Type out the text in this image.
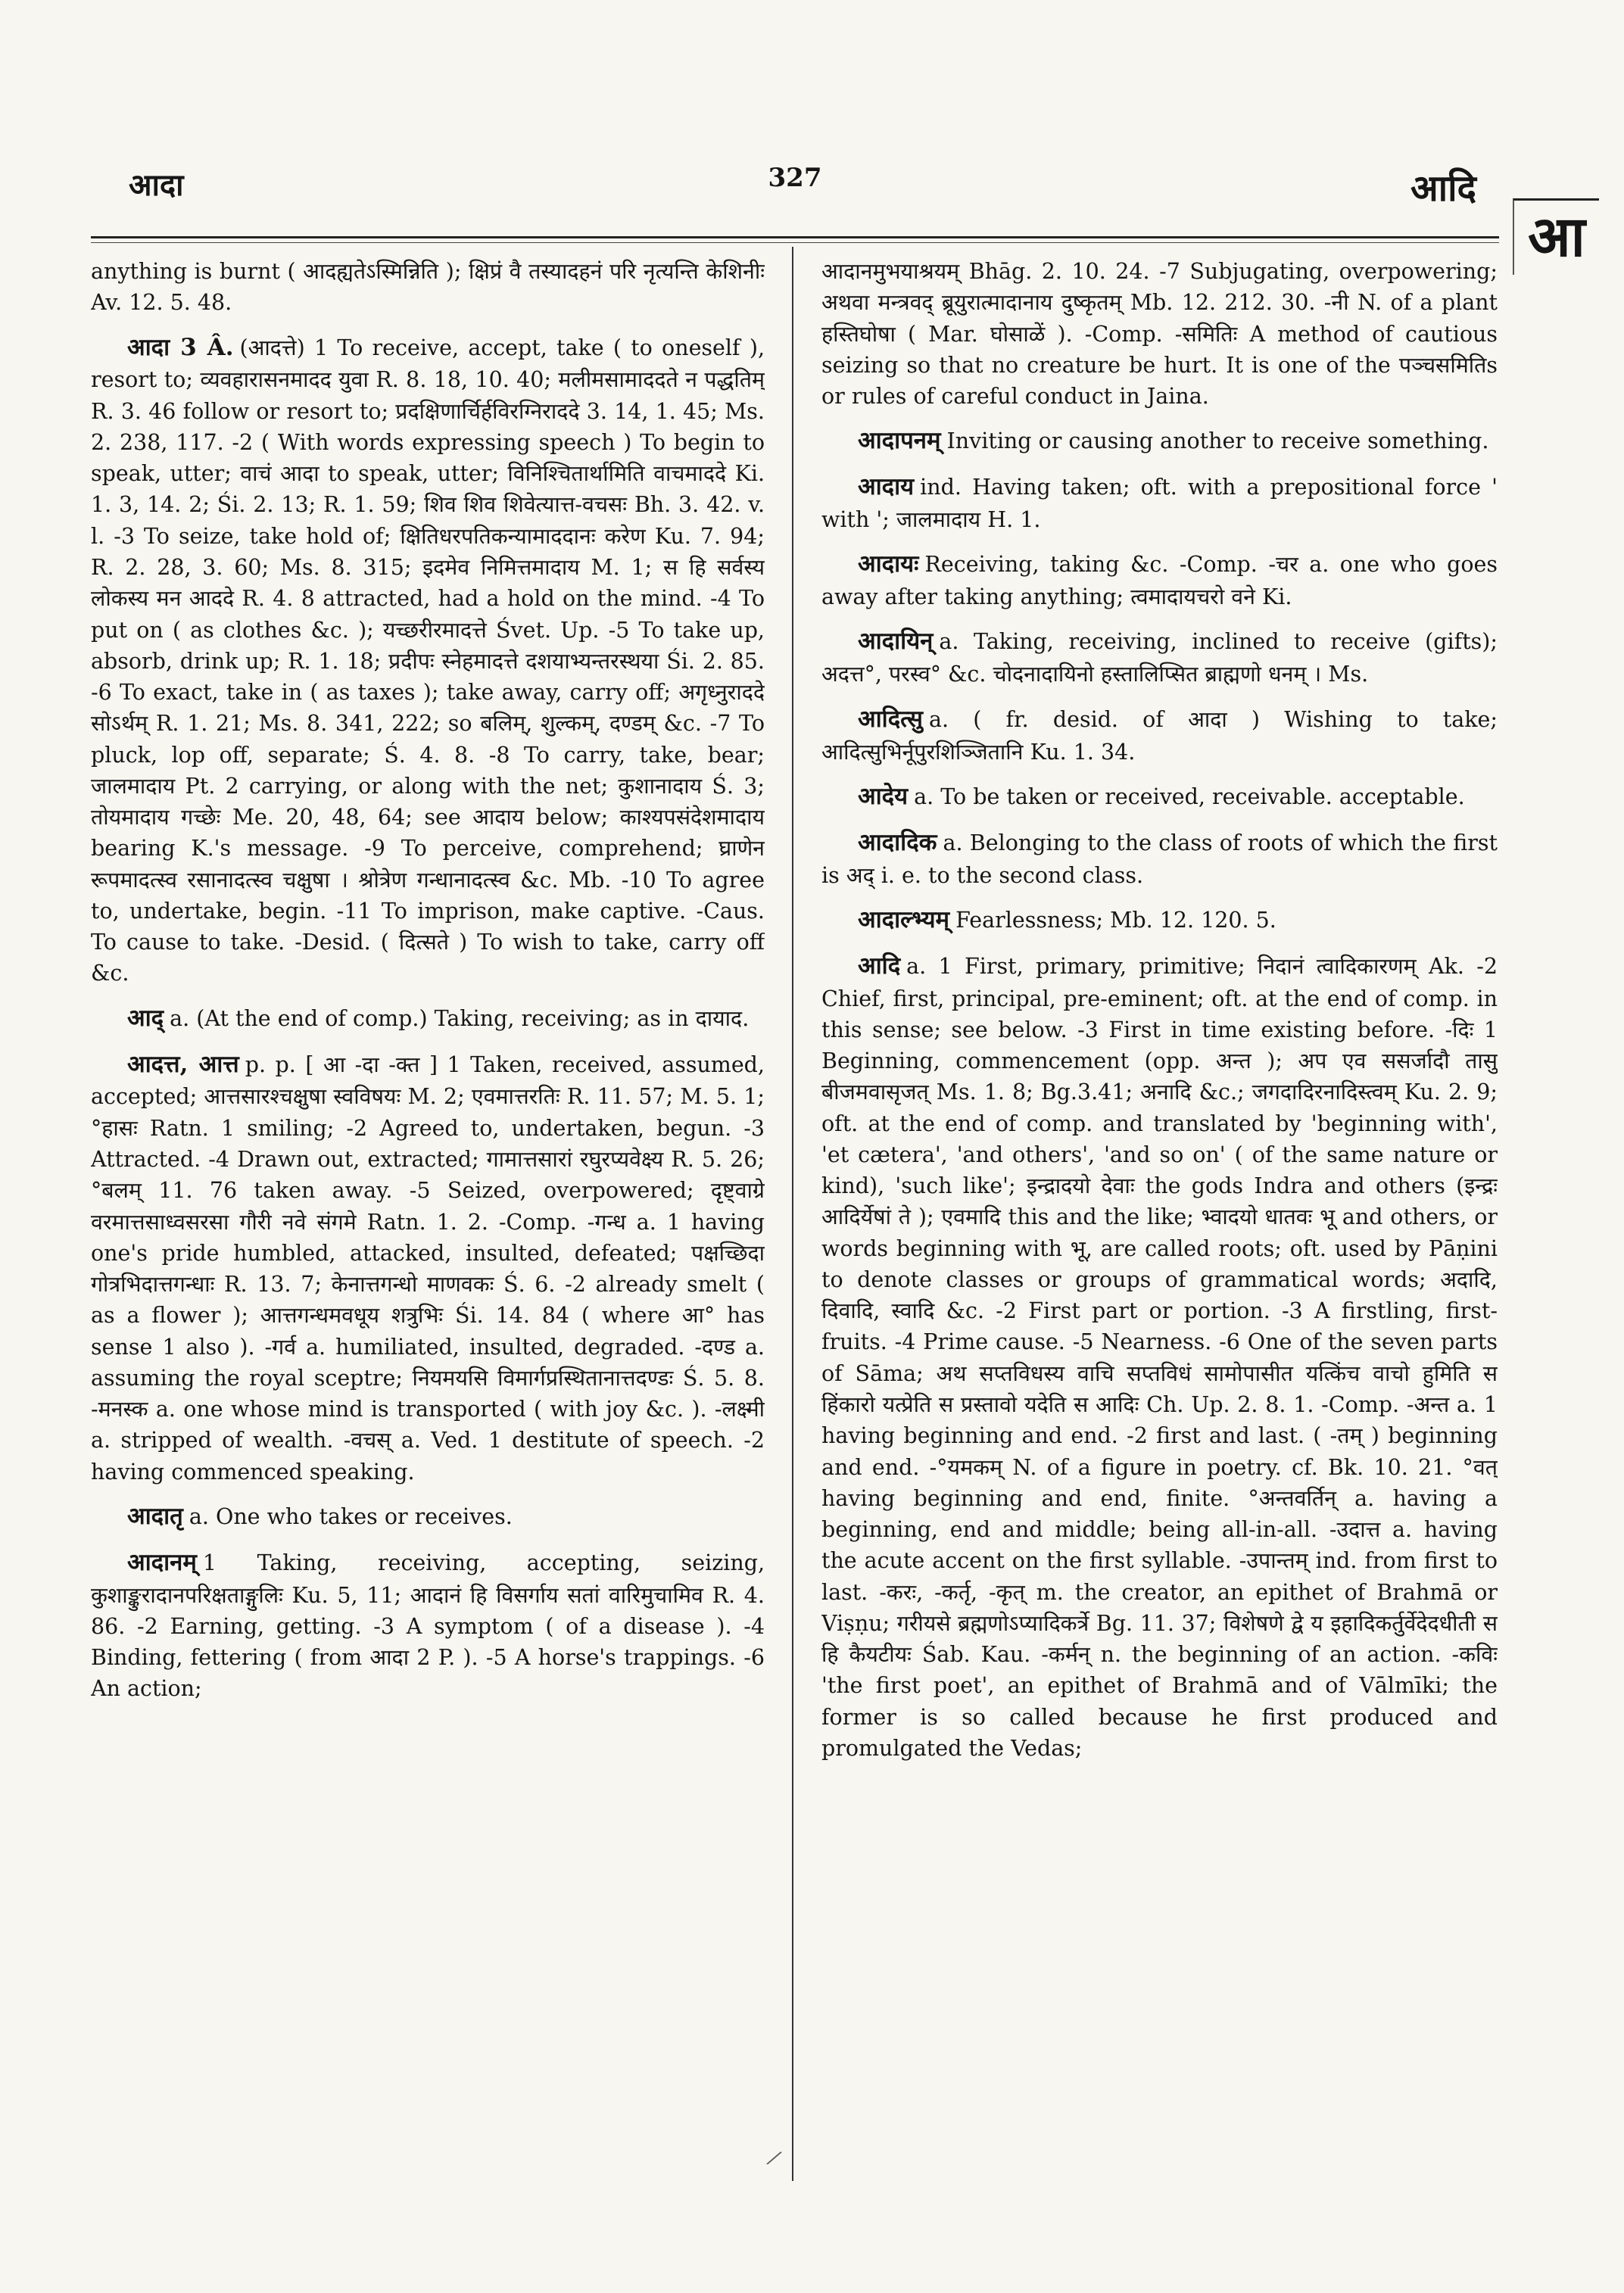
आदा	327	आदि
आ

anything is burnt ( आदह्यतेऽस्मिन्निति ); क्षिप्रं वै तस्यादहनं परि नृत्यन्ति केशिनीः Av. 12. 5. 48.

आदा 3 Â. (आदत्ते) 1 To receive, accept, take ( to oneself ), resort to; व्यवहारासनमादद युवा R. 8. 18, 10. 40; मलीमसामाददते न पद्धतिम् R. 3. 46 follow or resort to; प्रदक्षिणार्चिर्हविरग्निराददे 3. 14, 1. 45; Ms. 2. 238, 117. -2 ( With words expressing speech ) To begin to speak, utter; वाचं आदा to speak, utter; विनिश्चितार्थामिति वाचमाददे Ki. 1. 3, 14. 2; Śi. 2. 13; R. 1. 59; शिव शिव शिवेत्यात्त-वचसः Bh. 3. 42. v. l. -3 To seize, take hold of; क्षितिधरपतिकन्यामाददानः करेण Ku. 7. 94; R. 2. 28, 3. 60; Ms. 8. 315; इदमेव निमित्तमादाय M. 1; स हि सर्वस्य लोकस्य मन आददे R. 4. 8 attracted, had a hold on the mind. -4 To put on ( as clothes &c. ); यच्छरीरमादत्ते Śvet. Up. -5 To take up, absorb, drink up; R. 1. 18; प्रदीपः स्नेहमादत्ते दशयाभ्यन्तरस्थया Śi. 2. 85. -6 To exact, take in ( as taxes ); take away, carry off; अगृध्नुराददे सोऽर्थम् R. 1. 21; Ms. 8. 341, 222; so बलिम्, शुल्कम्, दण्डम् &c. -7 To pluck, lop off, separate; Ś. 4. 8. -8 To carry, take, bear; जालमादाय Pt. 2 carrying, or along with the net; कुशानादाय Ś. 3; तोयमादाय गच्छेः Me. 20, 48, 64; see आदाय below; काश्यपसंदेशमादाय bearing K.'s message. -9 To perceive, comprehend; घ्राणेन रूपमादत्स्व रसानादत्स्व चक्षुषा । श्रोत्रेण गन्धानादत्स्व &c. Mb. -10 To agree to, undertake, begin. -11 To imprison, make captive. -Caus. To cause to take. -Desid. ( दित्सते ) To wish to take, carry off &c.

आद् a. (At the end of comp.) Taking, receiving; as in दायाद.

आदत्त, आत्त p. p. [ आ -दा -क्त ] 1 Taken, received, assumed, accepted; आत्तसारश्चक्षुषा स्वविषयः M. 2; एवमात्तरतिः R. 11. 57; M. 5. 1; °हासः Ratn. 1 smiling; -2 Agreed to, undertaken, begun. -3 Attracted. -4 Drawn out, extracted; गामात्तसारां रघुरप्यवेक्ष्य R. 5. 26; °बलम् 11. 76 taken away. -5 Seized, overpowered; दृष्ट्वाग्रे वरमात्तसाध्वसरसा गौरी नवे संगमे Ratn. 1. 2. -Comp. -गन्ध a. 1 having one's pride humbled, attacked, insulted, defeated; पक्षच्छिदा गोत्रभिदात्तगन्धाः R. 13. 7; केनात्तगन्धो माणवकः Ś. 6. -2 already smelt ( as a flower ); आत्तगन्धमवधूय शत्रुभिः Śi. 14. 84 ( where आ° has sense 1 also ). -गर्व a. humiliated, insulted, degraded. -दण्ड a. assuming the royal sceptre; नियमयसि विमार्गप्रस्थितानात्तदण्डः Ś. 5. 8. -मनस्क a. one whose mind is transported ( with joy &c. ). -लक्ष्मी a. stripped of wealth. -वचस् a. Ved. 1 destitute of speech. -2 having commenced speaking.

आदातृ a. One who takes or receives.

आदानम् 1 Taking, receiving, accepting, seizing, कुशाङ्कुरादानपरिक्षताङ्गुलिः Ku. 5, 11; आदानं हि विसर्गाय सतां वारिमुचामिव R. 4. 86. -2 Earning, getting. -3 A symptom ( of a disease ). -4 Binding, fettering ( from आदा 2 P. ). -5 A horse's trappings. -6 An action;

आदानमुभयाश्रयम् Bhāg. 2. 10. 24. -7 Subjugating, overpowering; अथवा मन्त्रवद् ब्रूयुरात्मादानाय दुष्कृतम् Mb. 12. 212. 30. -नी N. of a plant हस्तिघोषा ( Mar. घोसाळें ). -Comp. -समितिः A method of cautious seizing so that no creature be hurt. It is one of the पञ्चसमितिs or rules of careful conduct in Jaina.

आदापनम् Inviting or causing another to receive something.

आदाय ind. Having taken; oft. with a prepositional force ' with '; जालमादाय H. 1.

आदायः Receiving, taking &c. -Comp. -चर a. one who goes away after taking anything; त्वमादायचरो वने Ki.

आदायिन् a. Taking, receiving, inclined to receive (gifts); अदत्त°, परस्व° &c. चोदनादायिनो हस्तालिप्सित ब्राह्मणो धनम् । Ms.

आदित्सु a. ( fr. desid. of आदा ) Wishing to take; आदित्सुभिर्नूपुरशिञ्जितानि Ku. 1. 34.

आदेय a. To be taken or received, receivable. acceptable.

आदादिक a. Belonging to the class of roots of which the first is अद् i. e. to the second class.

आदाल्भ्यम् Fearlessness; Mb. 12. 120. 5.

आदि a. 1 First, primary, primitive; निदानं त्वादिकारणम् Ak. -2 Chief, first, principal, pre-eminent; oft. at the end of comp. in this sense; see below. -3 First in time existing before. -दिः 1 Beginning, commencement (opp. अन्त ); अप एव ससर्जादौ तासु बीजमवासृजत् Ms. 1. 8; Bg.3.41; अनादि &c.; जगदादिरनादिस्त्वम् Ku. 2. 9; oft. at the end of comp. and translated by 'beginning with', 'et cætera', 'and others', 'and so on' ( of the same nature or kind), 'such like'; इन्द्रादयो देवाः the gods Indra and others (इन्द्रः आदिर्येषां ते ); एवमादि this and the like; भ्वादयो धातवः भू and others, or words beginning with भू, are called roots; oft. used by Pāṇini to denote classes or groups of grammatical words; अदादि, दिवादि, स्वादि &c. -2 First part or portion. -3 A firstling, first-fruits. -4 Prime cause. -5 Nearness. -6 One of the seven parts of Sāma; अथ सप्तविधस्य वाचि सप्तविधं सामोपासीत यत्किंच वाचो हुमिति स हिंकारो यत्प्रेति स प्रस्तावो यदेति स आदिः Ch. Up. 2. 8. 1. -Comp. -अन्त a. 1 having beginning and end. -2 first and last. ( -तम् ) beginning and end. -°यमकम् N. of a figure in poetry. cf. Bk. 10. 21. °वत् having beginning and end, finite. °अन्तवर्तिन् a. having a beginning, end and middle; being all-in-all. -उदात्त a. having the acute accent on the first syllable. -उपान्तम् ind. from first to last. -करः, -कर्तृ, -कृत् m. the creator, an epithet of Brahmā or Viṣṇu; गरीयसे ब्रह्मणोऽप्यादिकर्त्रे Bg. 11. 37; विशेषणे द्वे य इहादिकर्तुर्वेदेदधीती स हि कैयटीयः Śab. Kau. -कर्मन् n. the beginning of an action. -कविः 'the first poet', an epithet of Brahmā and of Vālmīki; the former is so called because he first produced and promulgated the Vedas;

⁄
